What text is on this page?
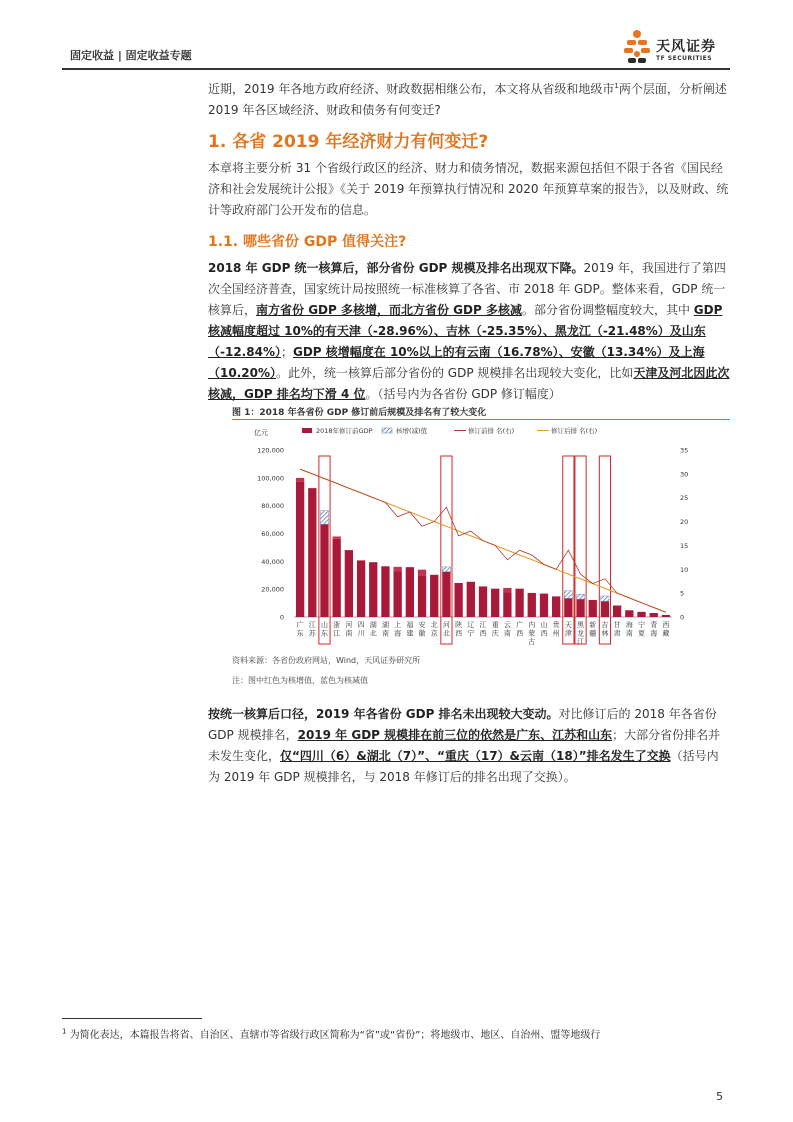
固定收益 | 固定收益专题
天风证券
TF SECURITIES

近期，2019 年各地方政府经济、财政数据相继公布，本文将从省级和地级市$^1$两个层面，分析阐述 2019 年各区域经济、财政和债务有何变迁?

1. 各省 2019 年经济财力有何变迁?

本章将主要分析 31 个省级行政区的经济、财力和债务情况，数据来源包括但不限于各省《国民经济和社会发展统计公报》《关于 2019 年预算执行情况和 2020 年预算草案的报告》，以及财政、统计等政府部门公开发布的信息。

1.1. 哪些省份 GDP 值得关注?

2018 年 GDP 统一核算后，部分省份 GDP 规模及排名出现双下降。2019 年，我国进行了第四次全国经济普查，国家统计局按照统一标准核算了各省、市 2018 年 GDP。整体来看，GDP 统一核算后，南方省份 GDP 多核增，而北方省份 GDP 多核减。部分省份调整幅度较大，其中 GDP 核减幅度超过 10%的有天津（-28.96%）、吉林（-25.35%）、黑龙江（-21.48%）及山东（-12.84%）；GDP 核增幅度在 10%以上的有云南（16.78%）、安徽（13.34%）及上海（10.20%）。此外，统一核算后部分省份的 GDP 规模排名出现较大变化，比如天津及河北因此次核减，GDP 排名均下滑 4 位。（括号内为各省份 GDP 修订幅度）

图 1：2018 年各省份 GDP 修订前后规模及排名有了较大变化
亿元	2018年修订前GDP	核增(减)值	修订前排 名(右)	修订后排 名(右)
120,000
100,000
80,000
60,000
40,000
20,000
0
35
30
25
20
15
10
5
0
广
东
江
苏
山
东
浙
江
河
南
四
川
湖
北
湖
南
上
海
福
建
安
徽
北
京
河
北
陕
西
辽
宁
江
西
重
庆
云
南
广
西
内
蒙
古
山
西
贵
州
天
津
黑
龙
江
新
疆
吉
林
甘
肃
海
南
宁
夏
青
海
西
藏
资料来源：各省份政府网站，Wind，天风证券研究所
注：图中红色为核增值，蓝色为核减值

按统一核算后口径，2019 年各省份 GDP 排名未出现较大变动。对比修订后的 2018 年各省份 GDP 规模排名，2019 年 GDP 规模排在前三位的依然是广东、江苏和山东；大部分省份排名并未发生变化，仅“四川（6）&湖北（7）”、“重庆（17）&云南（18）”排名发生了交换（括号内为 2019 年 GDP 规模排名，与 2018 年修订后的排名出现了交换）。

$^1$ 为简化表达，本篇报告将省、自治区、直辖市等省级行政区简称为“省”或“省份”；将地级市、地区、自治州、盟等地级行
5
